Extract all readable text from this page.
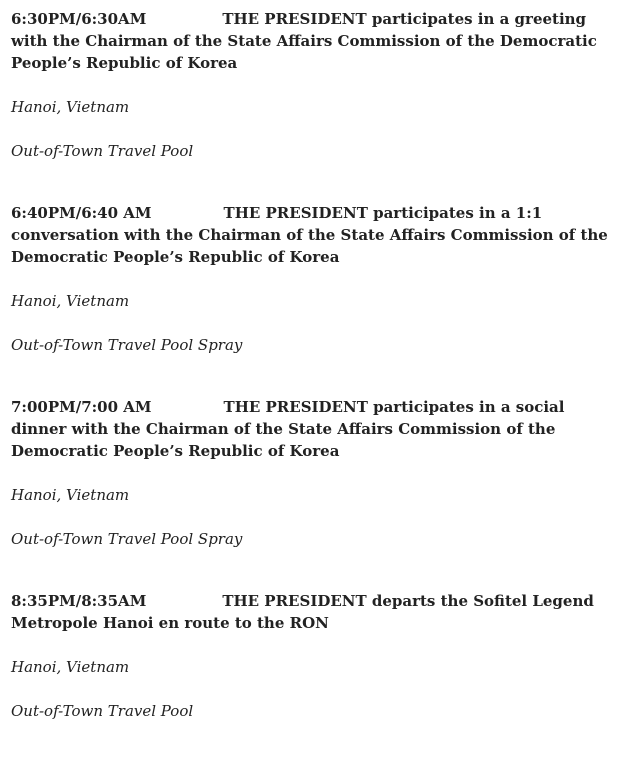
6:30PM/6:30AM	THE PRESIDENT participates in a greeting with the Chairman of the State Affairs Commission of the Democratic People’s Republic of Korea

Hanoi, Vietnam

Out-of-Town Travel Pool

6:40PM/6:40 AM	THE PRESIDENT participates in a 1:1 conversation with the Chairman of the State Affairs Commission of the Democratic People’s Republic of Korea

Hanoi, Vietnam

Out-of-Town Travel Pool Spray

7:00PM/7:00 AM	THE PRESIDENT participates in a social dinner with the Chairman of the State Affairs Commission of the Democratic People’s Republic of Korea

Hanoi, Vietnam

Out-of-Town Travel Pool Spray

8:35PM/8:35AM	THE PRESIDENT departs the Sofitel Legend Metropole Hanoi en route to the RON

Hanoi, Vietnam

Out-of-Town Travel Pool
